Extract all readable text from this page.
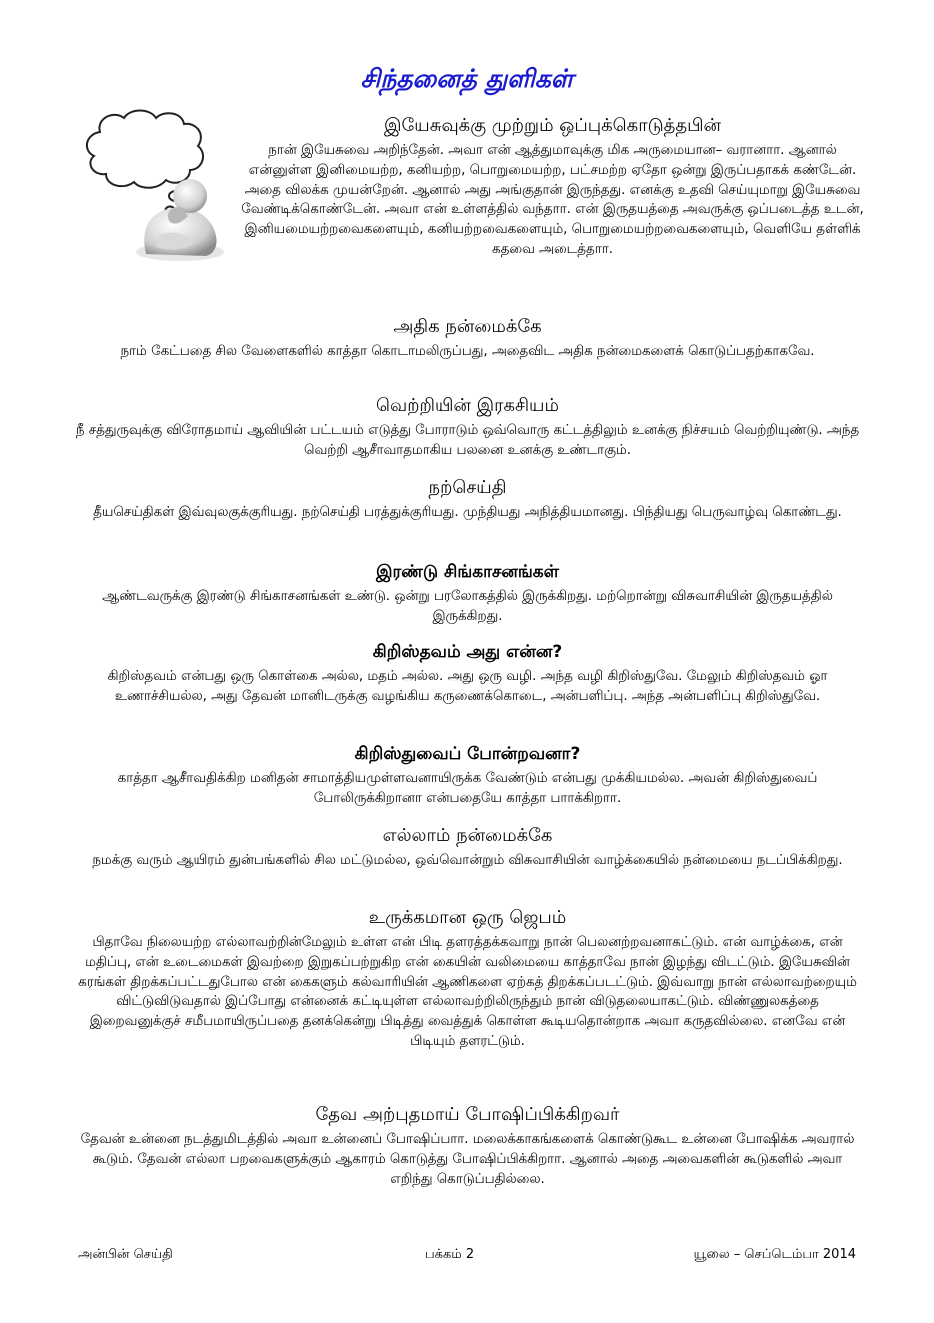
சிந்தனைத் துளிகள்
இயேசுவுக்கு முற்றும் ஒப்புக்கொடுத்தபின்

நான் இயேசுவை அறிந்தேன். அவா என் ஆத்துமாவுக்கு மிக அருமையான– வரானாா. ஆனால் என்னுள்ள இனிமையற்ற, கனியற்ற, பொறுமையற்ற, பட்சமற்ற ஏதோ ஒன்று இருப்பதாகக் கண்டேன். அதை விலக்க முயன்றேன். ஆனால் அது அங்குதான் இருந்தது. எனக்கு உதவி செய்யுமாறு இயேசுவை வேண்டிக்கொண்டேன். அவா என் உள்ளத்தில் வந்தாா. என் இருதயத்தை அவருக்கு ஒப்படைத்த உடன், இனியமையற்றவைகளையும், கனியற்றவைகளையும், பொறுமையற்றவைகளையும், வெளியே தள்ளிக் கதவை அடைத்தாா.

அதிக நன்மைக்கே

நாம் கேட்பதை சில வேளைகளில் காத்தா கொடாமலிருப்பது, அதைவிட அதிக நன்மைகளைக் கொடுப்பதற்காகவே.

வெற்றியின் இரகசியம்

நீ சத்துருவுக்கு விரோதமாய் ஆவியின் பட்டயம் எடுத்து போராடும் ஒவ்வொரு கட்டத்திலும் உனக்கு நிச்சயம் வெற்றியுண்டு. அந்த வெற்றி ஆசீாவாதமாகிய பலனை உனக்கு உண்டாகும்.

நற்செய்தி

தீயசெய்திகள் இவ்வுலகுக்குரியது. நற்செய்தி பரத்துக்குரியது. முந்தியது அநித்தியமானது. பிந்தியது பெருவாழ்வு கொண்டது.

இரண்டு சிங்காசனங்கள்

ஆண்டவருக்கு இரண்டு சிங்காசனங்கள் உண்டு. ஒன்று பரலோகத்தில் இருக்கிறது. மற்றொன்று விசுவாசியின் இருதயத்தில் இருக்கிறது.

கிறிஸ்தவம் அது என்ன?

கிறிஸ்தவம் என்பது ஒரு கொள்கை அல்ல, மதம் அல்ல. அது ஒரு வழி. அந்த வழி கிறிஸ்துவே. மேலும் கிறிஸ்தவம் ஓா உணாச்சியல்ல, அது தேவன் மானிடருக்கு வழங்கிய கருணைக்கொடை, அன்பளிப்பு. அந்த அன்பளிப்பு கிறிஸ்துவே.

கிறிஸ்துவைப் போன்றவனா?

காத்தா ஆசீாவதிக்கிற மனிதன் சாமாத்தியமுள்ளவனாயிருக்க வேண்டும் என்பது முக்கியமல்ல. அவன் கிறிஸ்துவைப் போலிருக்கிறானா என்பதையே காத்தா பாாக்கிறாா.

எல்லாம் நன்மைக்கே

நமக்கு வரும் ஆயிரம் துன்பங்களில் சில மட்டுமல்ல, ஒவ்வொன்றும் விசுவாசியின் வாழ்க்கையில் நன்மையை நடப்பிக்கிறது.

உருக்கமான ஒரு ஜெபம்

பிதாவே நிலையற்ற எல்லாவற்றின்மேலும் உள்ள என் பிடி தளரத்தக்கவாறு நான் பெலனற்றவனாகட்டும். என் வாழ்க்கை, என் மதிப்பு, என் உடைமைகள் இவற்றை இறுகப்பற்றுகிற என் கையின் வலிமையை காத்தாவே நான் இழந்து விடட்டும். இயேசுவின் கரங்கள் திறக்கப்பட்டதுபோல என் கைகளும் கல்வாரியின் ஆணிகளை ஏற்கத் திறக்கப்படட்டும். இவ்வாறு நான் எல்லாவற்றையும் விட்டுவிடுவதால் இப்போது என்னைக் கட்டியுள்ள எல்லாவற்றிலிருந்தும் நான் விடுதலையாகட்டும். விண்ணுலகத்தை இறைவனுக்குச் சமீபமாயிருப்பதை தனக்கென்று பிடித்து வைத்துக் கொள்ள கூடியதொன்றாக அவா கருதவில்லை. எனவே என் பிடியும் தளரட்டும்.

தேவ அற்புதமாய் போஷிப்பிக்கிறவர்

தேவன் உன்னை நடத்துமிடத்தில் அவா உன்னைப் போஷிப்பாா. மலைக்காகங்களைக் கொண்டுகூட உன்னை போஷிக்க அவரால் கூடும். தேவன் எல்லா பறவைகளுக்கும் ஆகாரம் கொடுத்து போஷிப்பிக்கிறாா. ஆனால் அதை அவைகளின் கூடுகளில் அவா எறிந்து கொடுப்பதில்லை.

அன்பின் செய்தி	பக்கம் 2	யூலை – செப்டெம்பா 2014
